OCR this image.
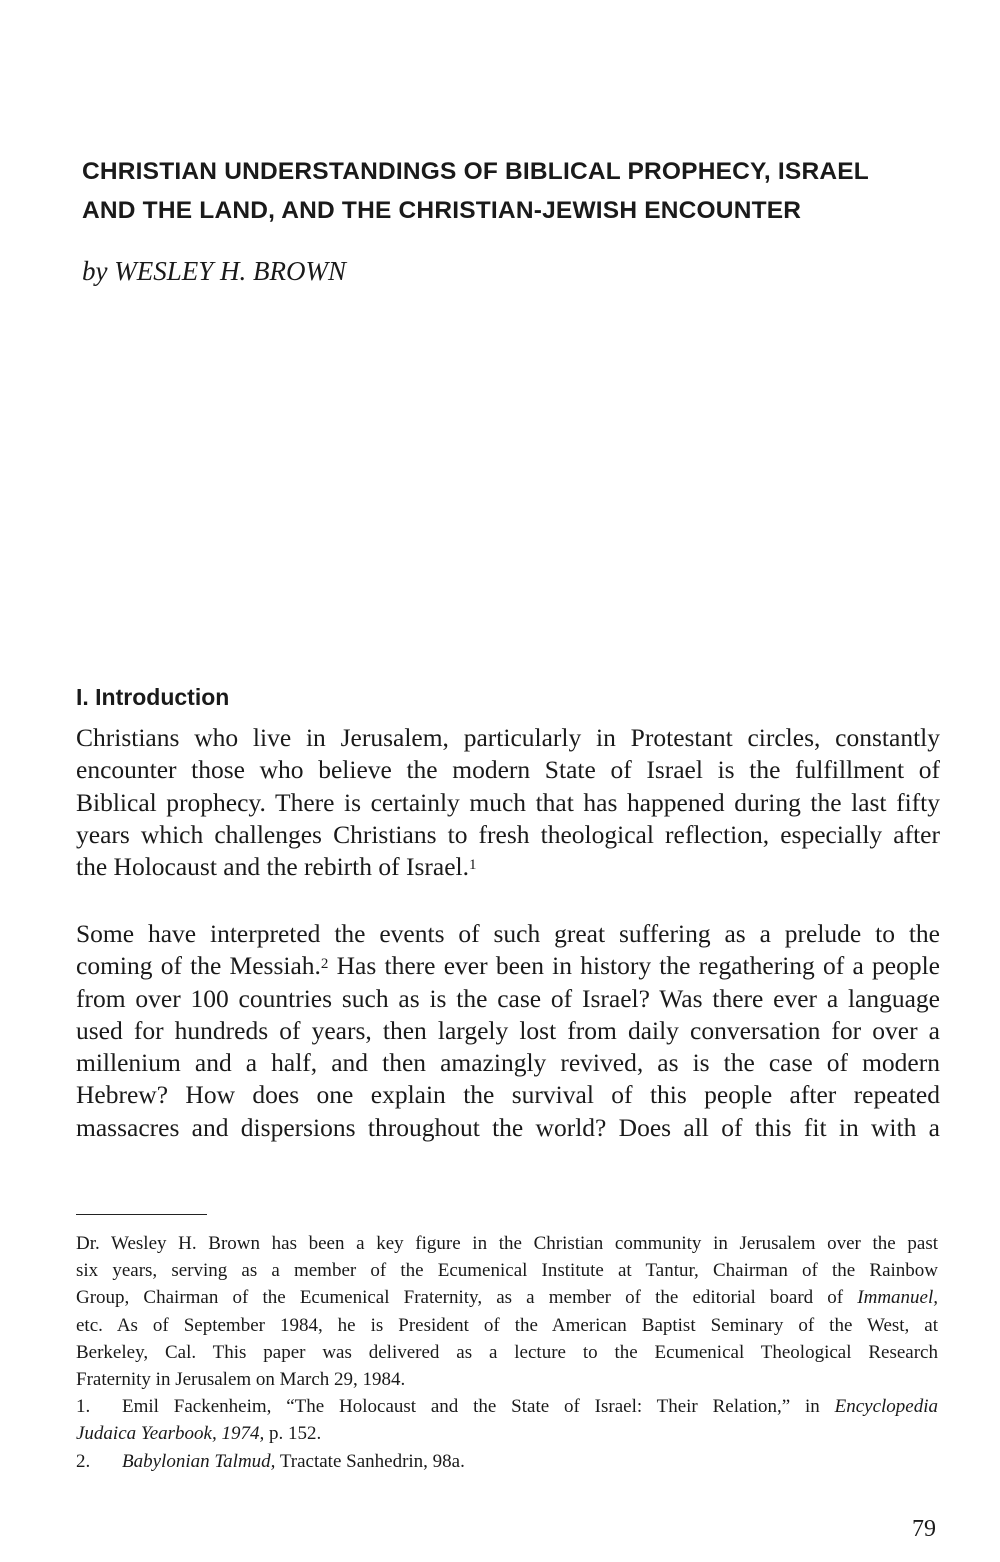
CHRISTIAN UNDERSTANDINGS OF BIBLICAL PROPHECY, ISRAEL
AND THE LAND, AND THE CHRISTIAN-JEWISH ENCOUNTER

by WESLEY H. BROWN

I. Introduction

Christians who live in Jerusalem, particularly in Protestant circles, constantly
encounter those who believe the modern State of Israel is the fulfillment of
Biblical prophecy. There is certainly much that has happened during the last fifty
years which challenges Christians to fresh theological reflection, especially after
the Holocaust and the rebirth of Israel.$^1$

Some have interpreted the events of such great suffering as a prelude to the
coming of the Messiah.$^2$ Has there ever been in history the regathering of a people
from over 100 countries such as is the case of Israel? Was there ever a language
used for hundreds of years, then largely lost from daily conversation for over a
millenium and a half, and then amazingly revived, as is the case of modern
Hebrew? How does one explain the survival of this people after repeated
massacres and dispersions throughout the world? Does all of this fit in with a

Dr. Wesley H. Brown has been a key figure in the Christian community in Jerusalem over the past
six years, serving as a member of the Ecumenical Institute at Tantur, Chairman of the Rainbow
Group, Chairman of the Ecumenical Fraternity, as a member of the editorial board of Immanuel,
etc. As of September 1984, he is President of the American Baptist Seminary of the West, at
Berkeley, Cal. This paper was delivered as a lecture to the Ecumenical Theological Research
Fraternity in Jerusalem on March 29, 1984.
1. Emil Fackenheim, “The Holocaust and the State of Israel: Their Relation,” in Encyclopedia
Judaica Yearbook, 1974, p. 152.
2. Babylonian Talmud, Tractate Sanhedrin, 98a.

79
